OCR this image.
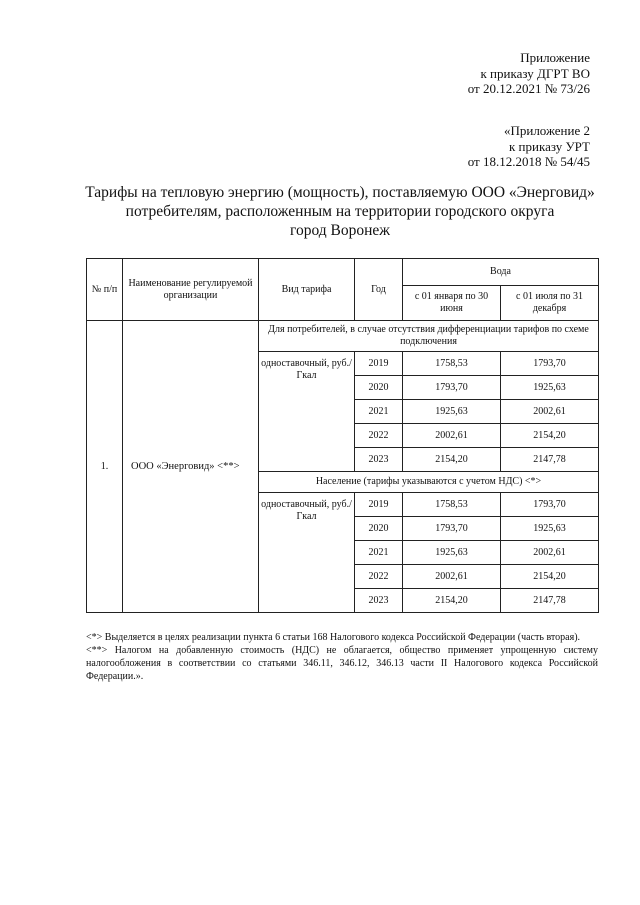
Приложение
к приказу ДГРТ ВО
от 20.12.2021 № 73/26
«Приложение 2
к приказу УРТ
от 18.12.2018 № 54/45
Тарифы на тепловую энергию (мощность), поставляемую ООО «Энерговид»
потребителям, расположенным на территории городского округа
город Воронеж
№ п/п	Наименование регулируемой организации	Вид тарифа	Год	Вода	
				с 01 января по 30 июня	с 01 июля по 31 декабря
1.	ООО «Энерговид» <**>	Для потребителей, в случае отсутствия дифференциации тарифов по схеме подключения			
		одноставочный, руб./Гкал	2019	1758,53	1793,70
			2020	1793,70	1925,63
			2021	1925,63	2002,61
			2022	2002,61	2154,20
			2023	2154,20	2147,78
		Население (тарифы указываются с учетом НДС) <*>			
		одноставочный, руб./Гкал	2019	1758,53	1793,70
			2020	1793,70	1925,63
			2021	1925,63	2002,61
			2022	2002,61	2154,20
			2023	2154,20	2147,78

<*> Выделяется в целях реализации пункта 6 статьи 168 Налогового кодекса Российской Федерации (часть вторая).

<**> Налогом на добавленную стоимость (НДС) не облагается, общество применяет упрощенную систему налогообложения в соответствии со статьями 346.11, 346.12, 346.13 части II Налогового кодекса Российской Федерации.».
